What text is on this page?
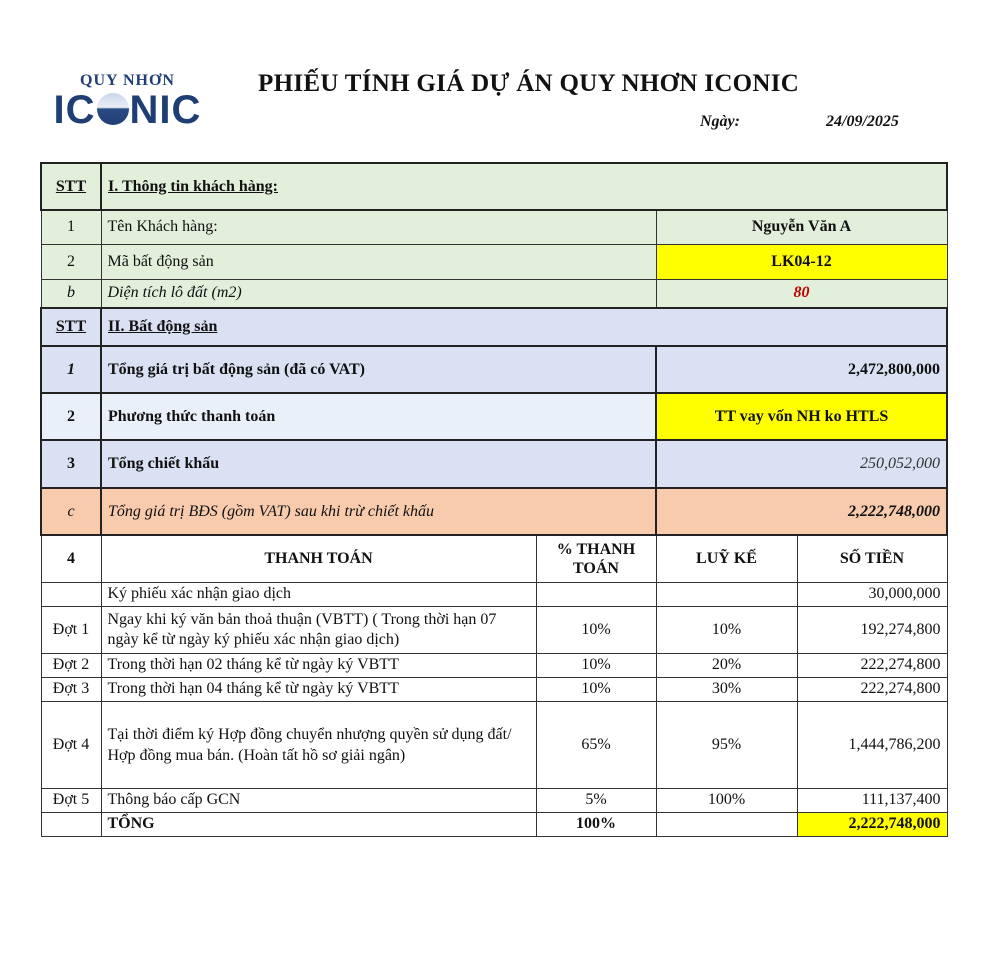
QUY NHƠN
IC NIC
PHIẾU TÍNH GIÁ DỰ ÁN QUY NHƠN ICONIC
Ngày:	24/09/2025
STT	I. Thông tin khách hàng:			
1	Tên Khách hàng:		Nguyễn Văn A	
2	Mã bất động sản		LK04-12	
b	Diện tích lô đất (m2)		80	
STT	II. Bất động sản			
1	Tổng giá trị bất động sản (đã có VAT)		2,472,800,000	
2	Phương thức thanh toán		TT vay vốn NH ko HTLS	
3	Tổng chiết khấu		250,052,000	
c	Tổng giá trị BĐS (gồm VAT) sau khi trừ chiết khấu		2,222,748,000	
4	THANH TOÁN	% THANH TOÁN	LUỸ KẾ	SỐ TIỀN
	Ký phiếu xác nhận giao dịch			30,000,000
Đợt 1	Ngay khi ký văn bản thoả thuận (VBTT) ( Trong thời hạn 07 ngày kể từ ngày ký phiếu xác nhận giao dịch)	10%	10%	192,274,800
Đợt 2	Trong thời hạn 02 tháng kể từ ngày ký VBTT	10%	20%	222,274,800
Đợt 3	Trong thời hạn 04 tháng kể từ ngày ký VBTT	10%	30%	222,274,800
Đợt 4	Tại thời điểm ký Hợp đồng chuyển nhượng quyền sử dụng đất/ Hợp đồng mua bán. (Hoàn tất hồ sơ giải ngân)	65%	95%	1,444,786,200
Đợt 5	Thông báo cấp GCN	5%	100%	111,137,400
	TỔNG	100%		2,222,748,000
